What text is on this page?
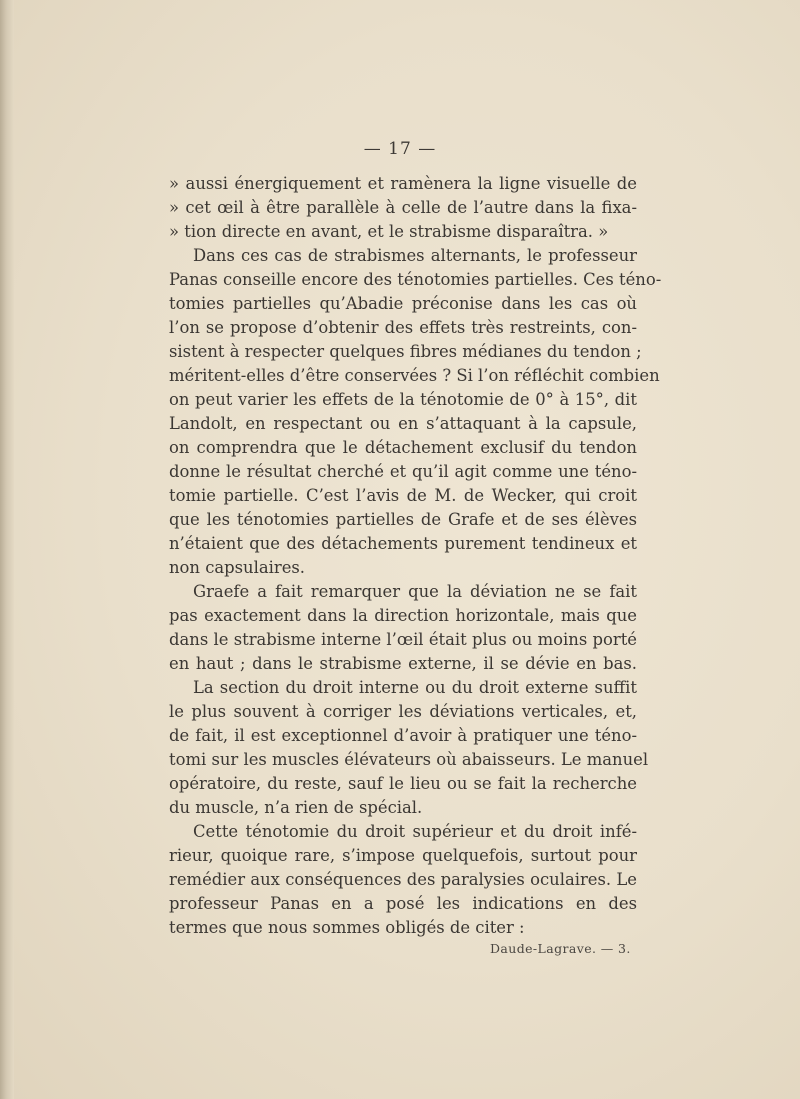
— 17 —
» aussi énergiquement et ramènera la ligne visuelle de
» cet œil à être parallèle à celle de l’autre dans la fixa-
» tion directe en avant, et le strabisme disparaîtra. »
Dans ces cas de strabismes alternants, le professeur
Panas conseille encore des ténotomies partielles. Ces téno-
tomies partielles qu’Abadie préconise dans les cas où
l’on se propose d’obtenir des effets très restreints, con-
sistent à respecter quelques fibres médianes du tendon ;
méritent-elles d’être conservées ? Si l’on réfléchit combien
on peut varier les effets de la ténotomie de 0° à 15°, dit
Landolt, en respectant ou en s’attaquant à la capsule,
on comprendra que le détachement exclusif du tendon
donne le résultat cherché et qu’il agit comme une téno-
tomie partielle. C’est l’avis de M. de Wecker, qui croit
que les ténotomies partielles de Grafe et de ses élèves
n’étaient que des détachements purement tendineux et
non capsulaires.
Graefe a fait remarquer que la déviation ne se fait
pas exactement dans la direction horizontale, mais que
dans le strabisme interne l’œil était plus ou moins porté
en haut ; dans le strabisme externe, il se dévie en bas.
La section du droit interne ou du droit externe suffit
le plus souvent à corriger les déviations verticales, et,
de fait, il est exceptionnel d’avoir à pratiquer une téno-
tomi sur les muscles élévateurs où abaisseurs. Le manuel
opératoire, du reste, sauf le lieu ou se fait la recherche
du muscle, n’a rien de spécial.
Cette ténotomie du droit supérieur et du droit infé-
rieur, quoique rare, s’impose quelquefois, surtout pour
remédier aux conséquences des paralysies oculaires. Le
professeur Panas en a posé les indications en des
termes que nous sommes obligés de citer :
Daude-Lagrave. — 3.
